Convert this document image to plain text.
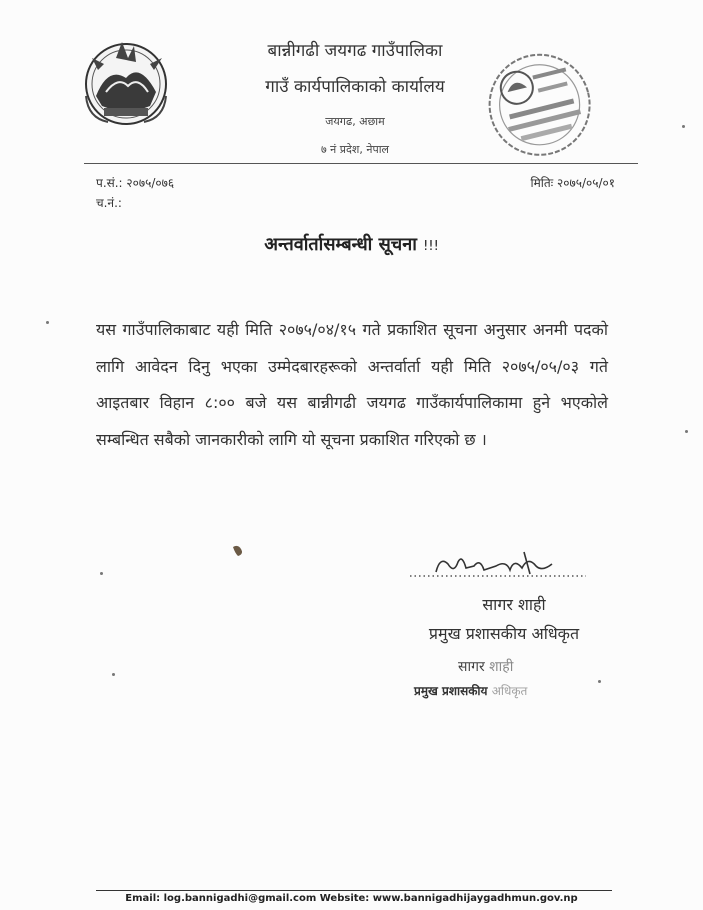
बान्नीगढी जयगढ गाउँपालिका
गाउँ कार्यपालिकाको कार्यालय
जयगढ, अछाम
७ नं प्रदेश, नेपाल
प.सं.: २०७५/०७६
च.नं.:
मितिः २०७५/०५/०१
अन्तर्वार्तासम्बन्धी सूचना !!!
यस गाउँपालिकाबाट यही मिति २०७५/०४/१५ गते प्रकाशित सूचना अनुसार अनमी पदको लागि आवेदन दिनु भएका उम्मेदबारहरूको अन्तर्वार्ता यही मिति २०७५/०५/०३ गते आइतबार विहान ८:०० बजे यस बान्नीगढी जयगढ गाउँकार्यपालिकामा हुने भएकोले सम्बन्धित सबैको जानकारीको लागि यो सूचना प्रकाशित गरिएको छ ।
सागर शाही
प्रमुख प्रशासकीय अधिकृत
सागर शाही
प्रमुख प्रशासकीय अधिकृत
Email: log.bannigadhi@gmail.com Website: www.bannigadhijaygadhmun.gov.np
